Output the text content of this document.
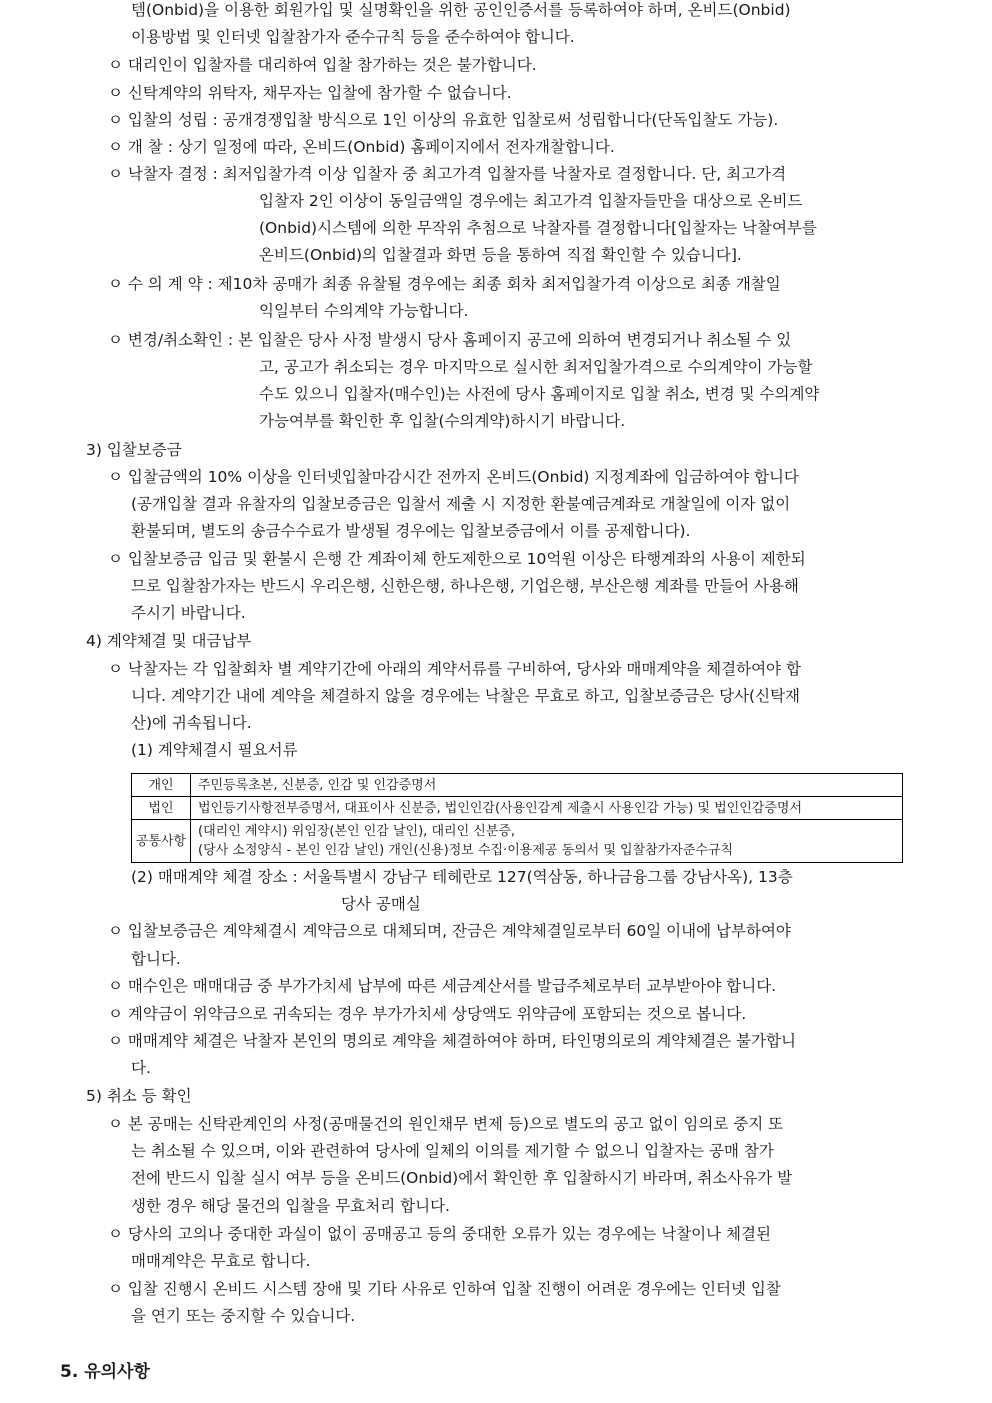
템(Onbid)을 이용한 회원가입 및 실명확인을 위한 공인인증서를 등록하여야 하며, 온비드(Onbid)
이용방법 및 인터넷 입찰참가자 준수규칙 등을 준수하여야 합니다.
ㅇ 대리인이 입찰자를 대리하여 입찰 참가하는 것은 불가합니다.
ㅇ 신탁계약의 위탁자, 채무자는 입찰에 참가할 수 없습니다.
ㅇ 입찰의 성립 : 공개경쟁입찰 방식으로 1인 이상의 유효한 입찰로써 성립합니다(단독입찰도 가능).
ㅇ 개 찰 : 상기 일정에 따라, 온비드(Onbid) 홈페이지에서 전자개찰합니다.
ㅇ 낙찰자 결정 : 최저입찰가격 이상 입찰자 중 최고가격 입찰자를 낙찰자로 결정합니다. 단, 최고가격
입찰자 2인 이상이 동일금액일 경우에는 최고가격 입찰자들만을 대상으로 온비드
(Onbid)시스템에 의한 무작위 추첨으로 낙찰자를 결정합니다[입찰자는 낙찰여부를
온비드(Onbid)의 입찰결과 화면 등을 통하여 직접 확인할 수 있습니다].
ㅇ 수 의 계 약 : 제10차 공매가 최종 유찰될 경우에는 최종 회차 최저입찰가격 이상으로 최종 개찰일
익일부터 수의계약 가능합니다.
ㅇ 변경/취소확인 : 본 입찰은 당사 사정 발생시 당사 홈페이지 공고에 의하여 변경되거나 취소될 수 있
고, 공고가 취소되는 경우 마지막으로 실시한 최저입찰가격으로 수의계약이 가능할
수도 있으니 입찰자(매수인)는 사전에 당사 홈페이지로 입찰 취소, 변경 및 수의계약
가능여부를 확인한 후 입찰(수의계약)하시기 바랍니다.
3) 입찰보증금
ㅇ 입찰금액의 10% 이상을 인터넷입찰마감시간 전까지 온비드(Onbid) 지정계좌에 입금하여야 합니다
(공개입찰 결과 유찰자의 입찰보증금은 입찰서 제출 시 지정한 환불예금계좌로 개찰일에 이자 없이
환불되며, 별도의 송금수수료가 발생될 경우에는 입찰보증금에서 이를 공제합니다).
ㅇ 입찰보증금 입금 및 환불시 은행 간 계좌이체 한도제한으로 10억원 이상은 타행계좌의 사용이 제한되
므로 입찰참가자는 반드시 우리은행, 신한은행, 하나은행, 기업은행, 부산은행 계좌를 만들어 사용해
주시기 바랍니다.
4) 계약체결 및 대금납부
ㅇ 낙찰자는 각 입찰회차 별 계약기간에 아래의 계약서류를 구비하여, 당사와 매매계약을 체결하여야 합
니다. 계약기간 내에 계약을 체결하지 않을 경우에는 낙찰은 무효로 하고, 입찰보증금은 당사(신탁재
산)에 귀속됩니다.
(1) 계약체결시 필요서류
개인	주민등록초본, 신분증, 인감 및 인감증명서
법인	법인등기사항전부증명서, 대표이사 신분증, 법인인감(사용인감계 제출시 사용인감 가능) 및 법인인감증명서
공통사항	(대리인 계약시) 위임장(본인 인감 날인), 대리인 신분증,
(당사 소정양식 - 본인 인감 날인) 개인(신용)정보 수집·이용제공 동의서 및 입찰참가자준수규칙
(2) 매매계약 체결 장소 : 서울특별시 강남구 테헤란로 127(역삼동, 하나금융그룹 강남사옥), 13층
당사 공매실
ㅇ 입찰보증금은 계약체결시 계약금으로 대체되며, 잔금은 계약체결일로부터 60일 이내에 납부하여야
합니다.
ㅇ 매수인은 매매대금 중 부가가치세 납부에 따른 세금계산서를 발급주체로부터 교부받아야 합니다.
ㅇ 계약금이 위약금으로 귀속되는 경우 부가가치세 상당액도 위약금에 포함되는 것으로 봅니다.
ㅇ 매매계약 체결은 낙찰자 본인의 명의로 계약을 체결하여야 하며, 타인명의로의 계약체결은 불가합니
다.
5) 취소 등 확인
ㅇ 본 공매는 신탁관계인의 사정(공매물건의 원인채무 변제 등)으로 별도의 공고 없이 임의로 중지 또
는 취소될 수 있으며, 이와 관련하여 당사에 일체의 이의를 제기할 수 없으니 입찰자는 공매 참가
전에 반드시 입찰 실시 여부 등을 온비드(Onbid)에서 확인한 후 입찰하시기 바라며, 취소사유가 발
생한 경우 해당 물건의 입찰을 무효처리 합니다.
ㅇ 당사의 고의나 중대한 과실이 없이 공매공고 등의 중대한 오류가 있는 경우에는 낙찰이나 체결된
매매계약은 무효로 합니다.
ㅇ 입찰 진행시 온비드 시스템 장애 및 기타 사유로 인하여 입찰 진행이 어려운 경우에는 인터넷 입찰
을 연기 또는 중지할 수 있습니다.
5. 유의사항
